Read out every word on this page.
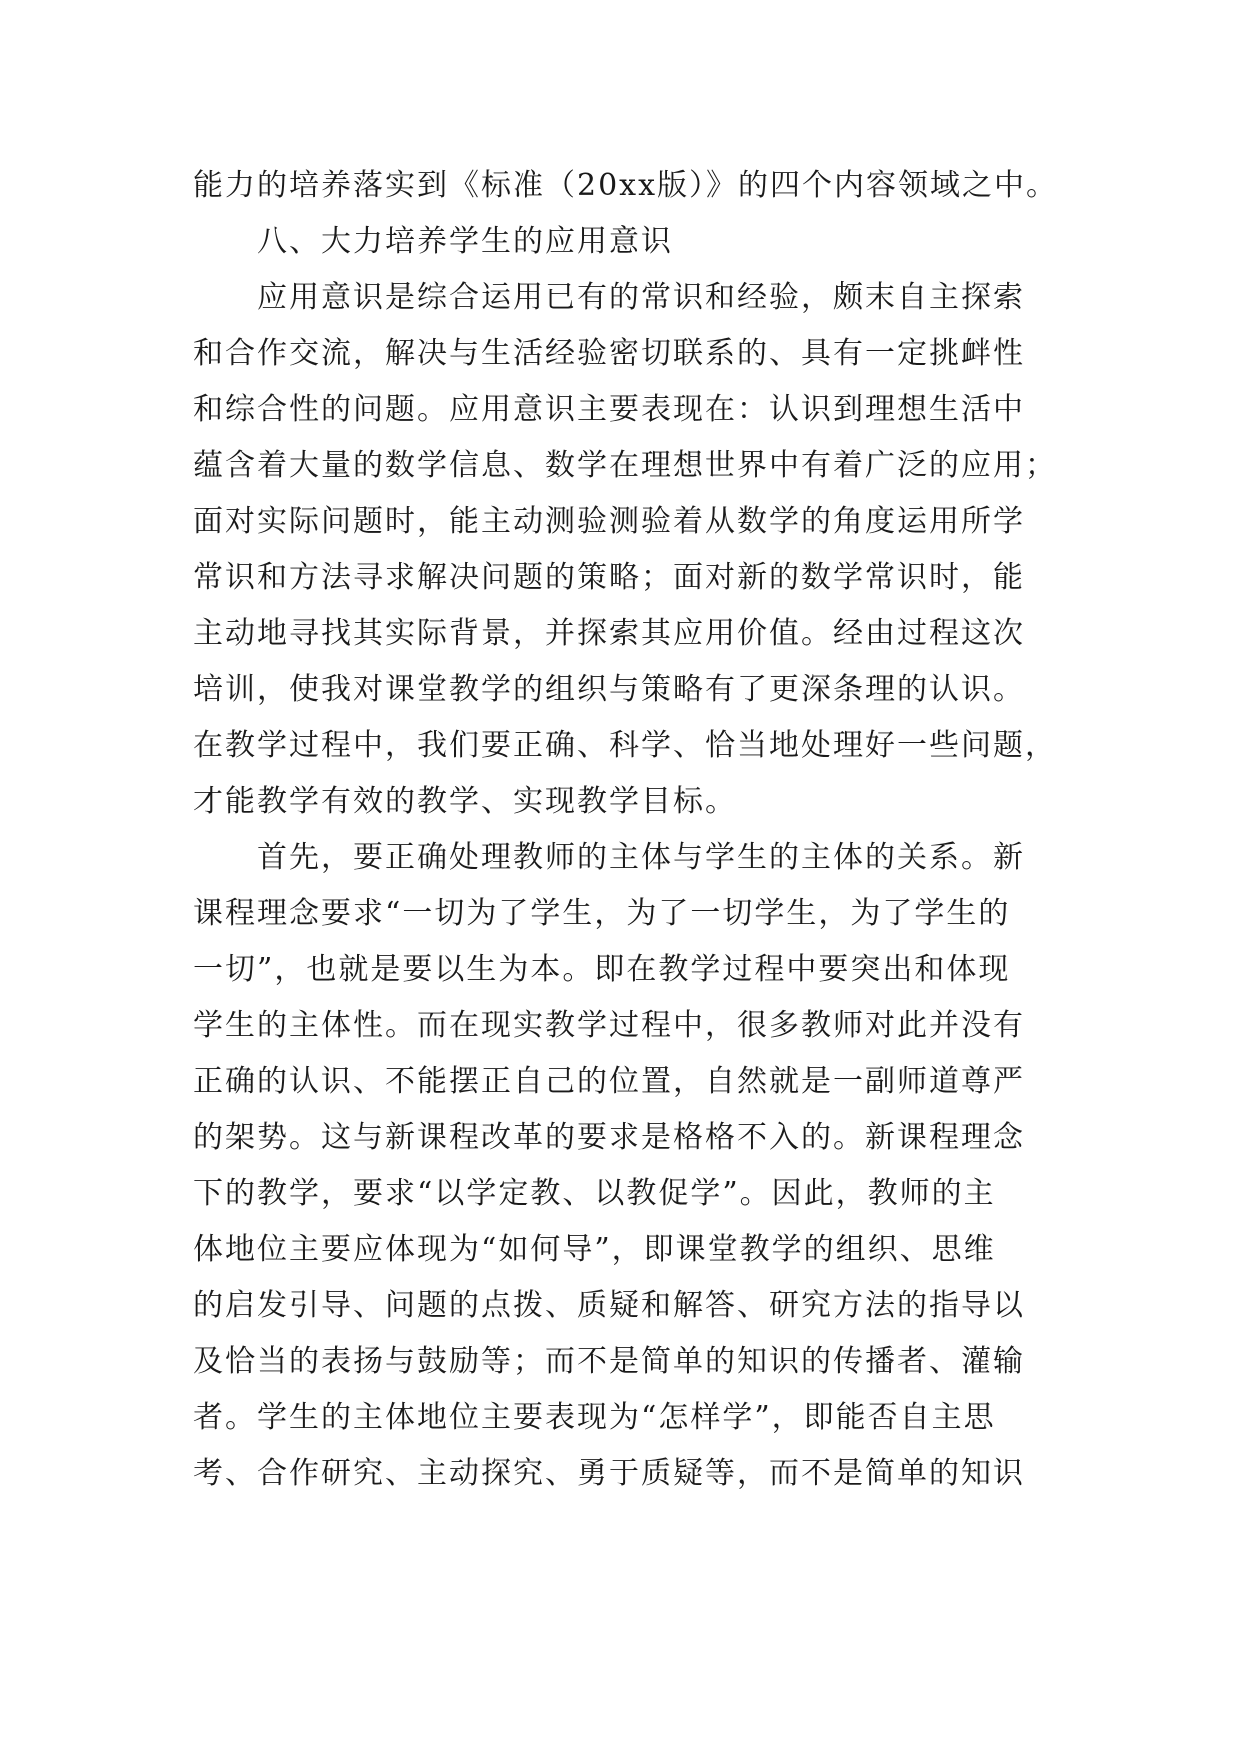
能力的培养落实到《标准（20xx版）》的四个内容领域之中。
八、大力培养学生的应用意识
应用意识是综合运用已有的常识和经验，颇末自主探索
和合作交流，解决与生活经验密切联系的、具有一定挑衅性
和综合性的问题。应用意识主要表现在：认识到理想生活中
蕴含着大量的数学信息、数学在理想世界中有着广泛的应用；
面对实际问题时，能主动测验测验着从数学的角度运用所学
常识和方法寻求解决问题的策略；面对新的数学常识时，能
主动地寻找其实际背景，并探索其应用价值。经由过程这次
培训，使我对课堂教学的组织与策略有了更深条理的认识。
在教学过程中，我们要正确、科学、恰当地处理好一些问题，
才能教学有效的教学、实现教学目标。
首先，要正确处理教师的主体与学生的主体的关系。新
课程理念要求“一切为了学生，为了一切学生，为了学生的
一切”，也就是要以生为本。即在教学过程中要突出和体现
学生的主体性。而在现实教学过程中，很多教师对此并没有
正确的认识、不能摆正自己的位置，自然就是一副师道尊严
的架势。这与新课程改革的要求是格格不入的。新课程理念
下的教学，要求“以学定教、以教促学”。因此，教师的主
体地位主要应体现为“如何导”，即课堂教学的组织、思维
的启发引导、问题的点拨、质疑和解答、研究方法的指导以
及恰当的表扬与鼓励等；而不是简单的知识的传播者、灌输
者。学生的主体地位主要表现为“怎样学”，即能否自主思
考、合作研究、主动探究、勇于质疑等，而不是简单的知识
